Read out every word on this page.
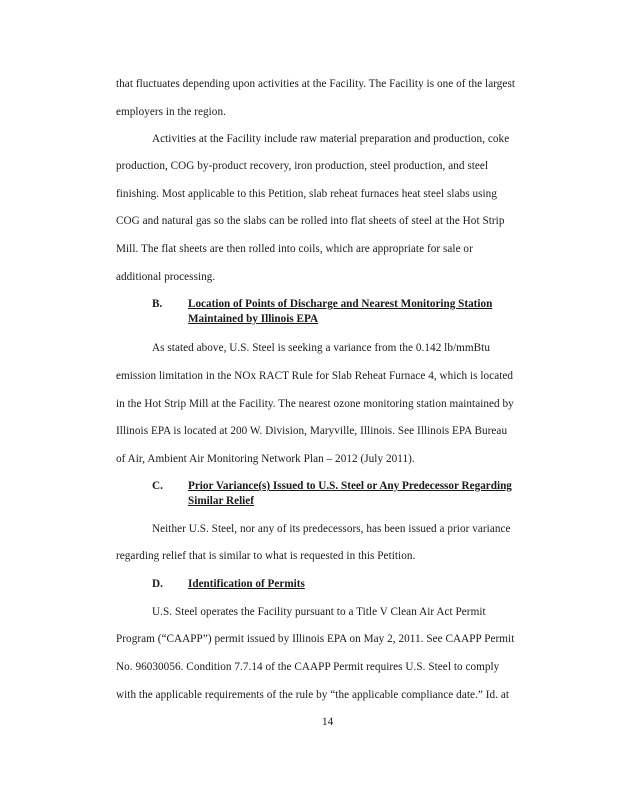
that fluctuates depending upon activities at the Facility. The Facility is one of the largest
employers in the region.
Activities at the Facility include raw material preparation and production, coke
production, COG by-product recovery, iron production, steel production, and steel
finishing. Most applicable to this Petition, slab reheat furnaces heat steel slabs using
COG and natural gas so the slabs can be rolled into flat sheets of steel at the Hot Strip
Mill. The flat sheets are then rolled into coils, which are appropriate for sale or
additional processing.
B. Location of Points of Discharge and Nearest Monitoring Station
Maintained by Illinois EPA
As stated above, U.S. Steel is seeking a variance from the 0.142 lb/mmBtu
emission limitation in the NOx RACT Rule for Slab Reheat Furnace 4, which is located
in the Hot Strip Mill at the Facility. The nearest ozone monitoring station maintained by
Illinois EPA is located at 200 W. Division, Maryville, Illinois. See Illinois EPA Bureau
of Air, Ambient Air Monitoring Network Plan – 2012 (July 2011).
C. Prior Variance(s) Issued to U.S. Steel or Any Predecessor Regarding
Similar Relief
Neither U.S. Steel, nor any of its predecessors, has been issued a prior variance
regarding relief that is similar to what is requested in this Petition.
D. Identification of Permits
U.S. Steel operates the Facility pursuant to a Title V Clean Air Act Permit
Program (“CAAPP”) permit issued by Illinois EPA on May 2, 2011. See CAAPP Permit
No. 96030056. Condition 7.7.14 of the CAAPP Permit requires U.S. Steel to comply
with the applicable requirements of the rule by “the applicable compliance date.” Id. at
14
